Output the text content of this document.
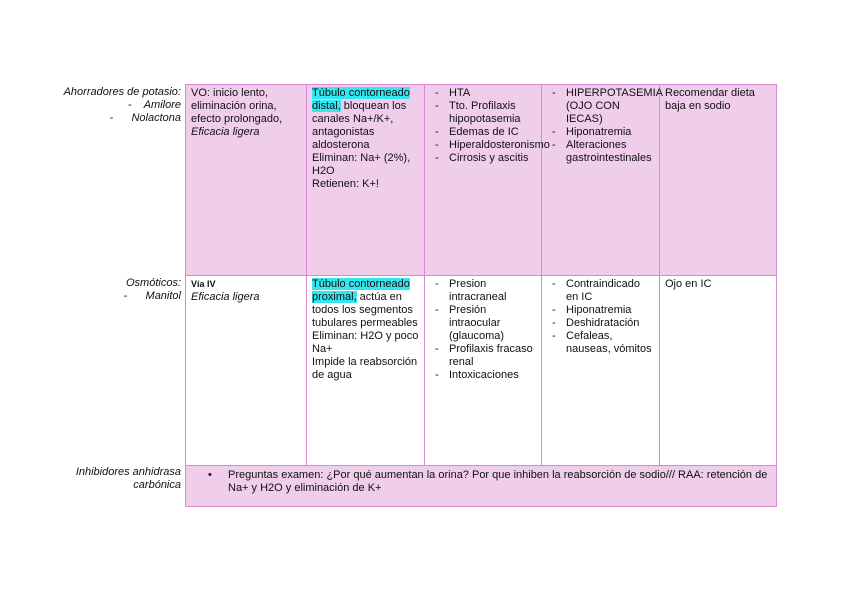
Ahorradores de potasio:
-    Amilore
-      Nolactona
Osmóticos:
-      Manitol
Inhibidores anhidrasa carbónica
VO: inicio lento, eliminación orina, efecto prolongado,
Eficacia ligera
Túbulo contorneado distal, bloquean los canales Na+/K+, antagonistas aldosterona
Eliminan: Na+ (2%), H2O
Retienen: K+!
- HTA
- Tto. Profilaxis hipopotasemia
- Edemas de IC
- Hiperaldosteronismo
- Cirrosis y ascitis
- HIPERPOTASEMIA (OJO CON IECAS)
- Hiponatremia
- Alteraciones gastrointestinales
Recomendar dieta baja en sodio
Vía IV
Eficacia ligera
Túbulo contorneado proximal, actúa en todos los segmentos tubulares permeables
Eliminan: H2O y poco Na+
Impide la reabsorción de agua
- Presion intracraneal
- Presión intraocular (glaucoma)
- Profilaxis fracaso renal
- Intoxicaciones
- Contraindicado en IC
- Hiponatremia
- Deshidratación
- Cefaleas, nauseas, vómitos
Ojo en IC
•	Preguntas examen: ¿Por qué aumentan la orina? Por que inhiben la reabsorción de sodio/// RAA: retención de Na+ y H2O y eliminación de K+
